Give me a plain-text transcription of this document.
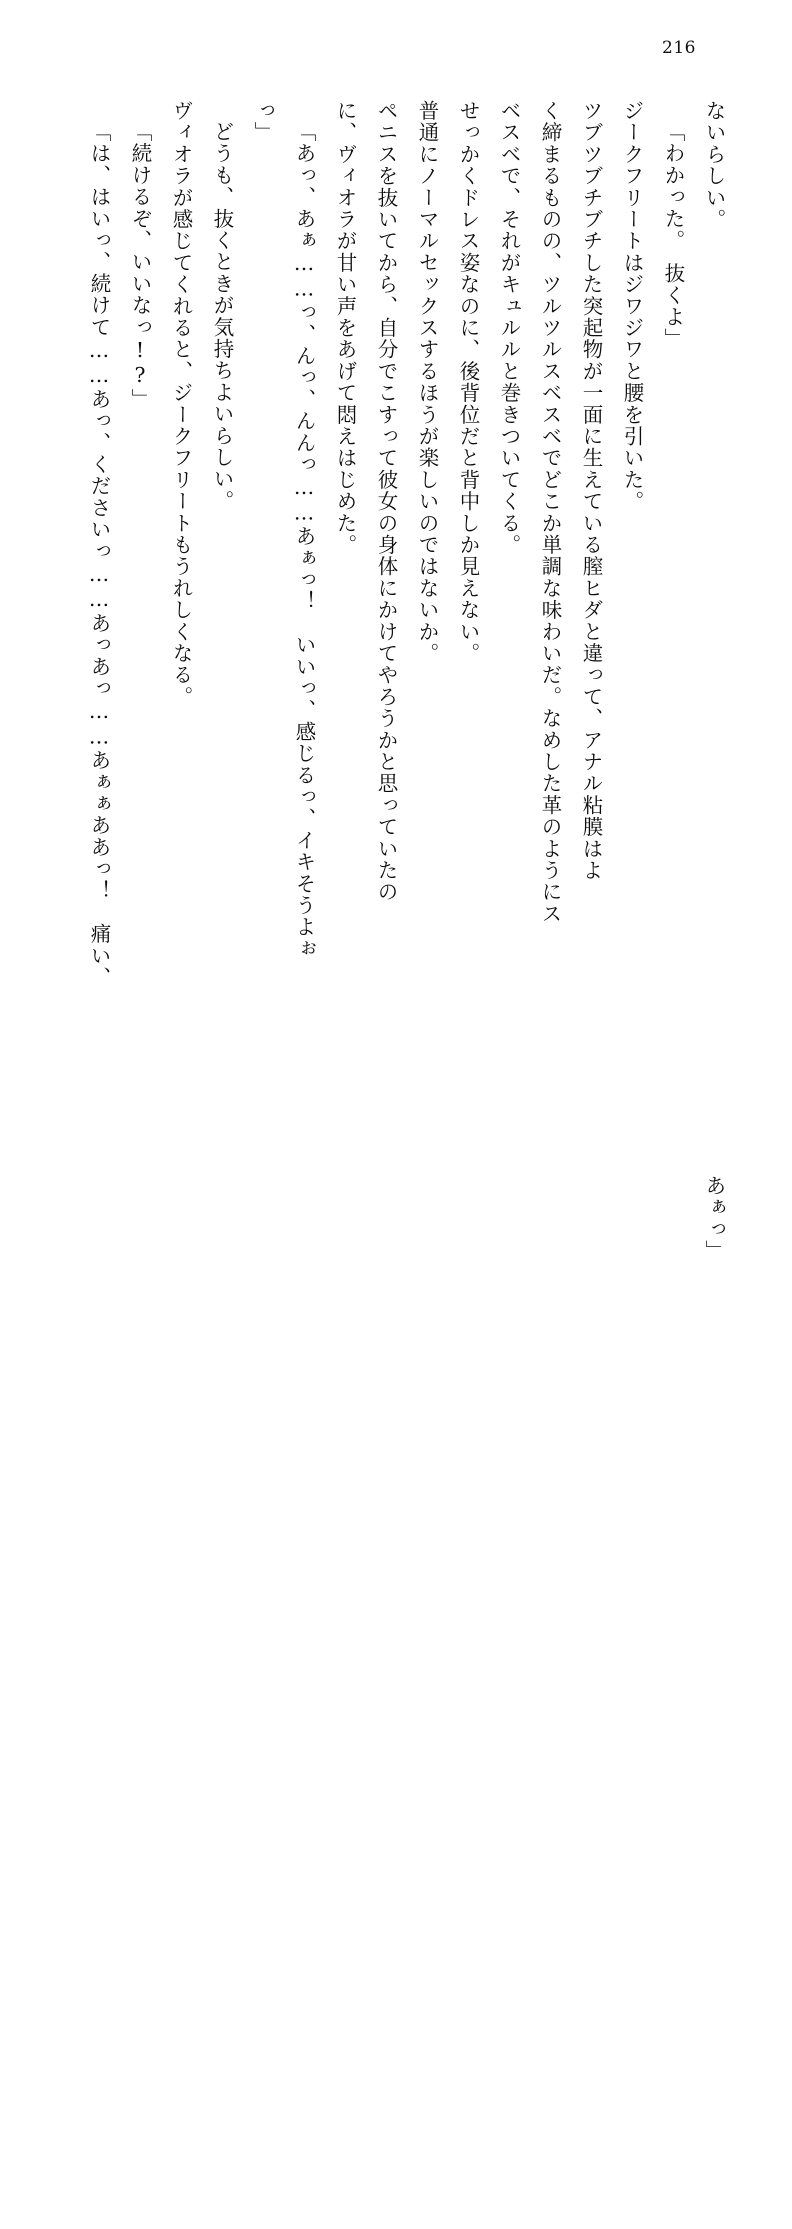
216

ないらしい。

「わかった。　抜くよ」

ジークフリートはジワジワと腰を引いた。

ツブツブチブチした突起物が一面に生えている膣ヒダと違って、アナル粘膜はよ

く締まるものの、ツルツルスベスベでどこか単調な味わいだ。なめした革のようにス

ベスベで、それがキュルルと巻きついてくる。

せっかくドレス姿なのに、後背位だと背中しか見えない。

普通にノーマルセックスするほうが楽しいのではないか。

ペニスを抜いてから、自分でこすって彼女の身体にかけてやろうかと思っていたの

に、ヴィオラが甘い声をあげて悶えはじめた。

「あっ、あぁ……っ、んっ、んんっ……あぁっ！　いいっ、感じるっ、イキそうよぉ

っ」

どうも、抜くときが気持ちよいらしい。

ヴィオラが感じてくれると、ジークフリートもうれしくなる。

「続けるぞ、いいなっ!?」

「は、はいっ、続けて……あっ、くださいっ……あっあっ……あぁぁああっ！　痛い、

あぁっ」
